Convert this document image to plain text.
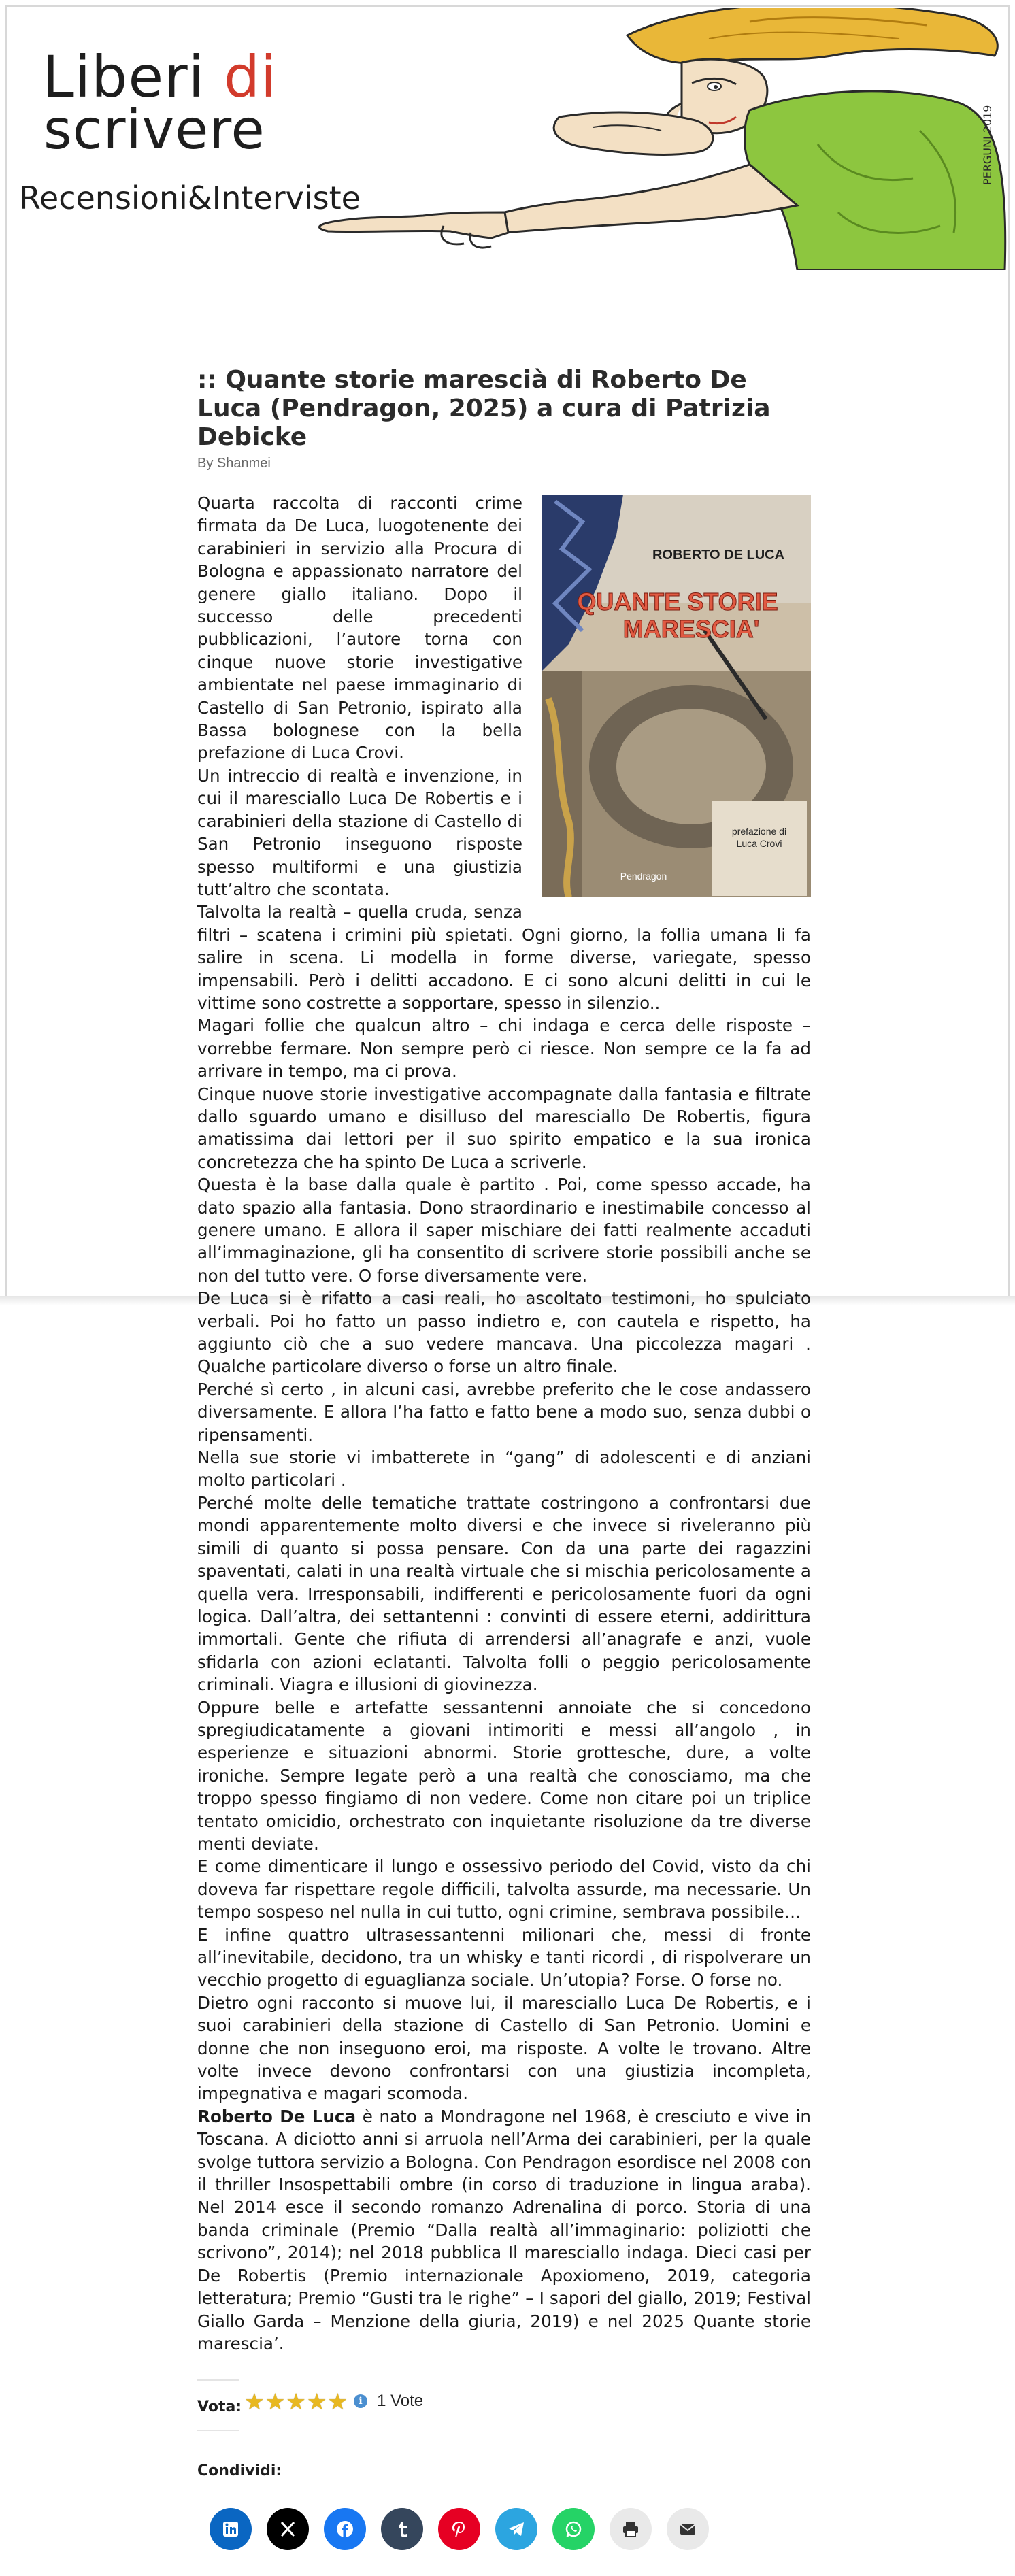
Liberi di
scrivere
Recensioni&Interviste
PERGUNI 2019
:: Quante storie marescià di Roberto De Luca (Pendragon, 2025) a cura di Patrizia Debicke
By Shanmei
ROBERTO DE LUCA
QUANTE STORIE
MARESCIA'
prefazione di
Luca Crovi
Pendragon

Quarta raccolta di racconti crime firmata da De Luca, luogotenente dei carabinieri in servizio alla Procura di Bologna e appassionato narratore del genere giallo italiano. Dopo il successo delle precedenti pubblicazioni, l’autore torna con cinque nuove storie investigative ambientate nel paese immaginario di Castello di San Petronio, ispirato alla Bassa bolognese con la bella prefazione di Luca Crovi.

Un intreccio di realtà e invenzione, in cui il maresciallo Luca De Robertis e i carabinieri della stazione di Castello di San Petronio inseguono risposte spesso multiformi e una giustizia tutt’altro che scontata.

Talvolta la realtà – quella cruda, senza filtri – scatena i crimini più spietati. Ogni giorno, la follia umana li fa salire in scena. Li modella in forme diverse, variegate, spesso impensabili. Però i delitti accadono. E ci sono alcuni delitti in cui le vittime sono costrette a sopportare, spesso in silenzio..

Magari follie che qualcun altro – chi indaga e cerca delle risposte – vorrebbe fermare. Non sempre però ci riesce. Non sempre ce la fa ad arrivare in tempo, ma ci prova.

Cinque nuove storie investigative accompagnate dalla fantasia e filtrate dallo sguardo umano e disilluso del maresciallo De Robertis, figura amatissima dai lettori per il suo spirito empatico e la sua ironica concretezza che ha spinto De Luca a scriverle.

Questa è la base dalla quale è partito . Poi, come spesso accade, ha dato spazio alla fantasia. Dono straordinario e inestimabile concesso al genere umano. E allora il saper mischiare dei fatti realmente accaduti all’immaginazione, gli ha consentito di scrivere storie possibili anche se non del tutto vere. O forse diversamente vere.

De Luca si è rifatto a casi reali, ho ascoltato testimoni, ho spulciato verbali. Poi ho fatto un passo indietro e, con cautela e rispetto, ha aggiunto ciò che a suo vedere mancava. Una piccolezza magari . Qualche particolare diverso o forse un altro finale.

Perché sì certo , in alcuni casi, avrebbe preferito che le cose andassero diversamente. E allora l’ha fatto e fatto bene a modo suo, senza dubbi o ripensamenti.

Nella sue storie vi imbatterete in “gang” di adolescenti e di anziani molto particolari .

Perché molte delle tematiche trattate costringono a confrontarsi due mondi apparentemente molto diversi e che invece si riveleranno più simili di quanto si possa pensare. Con da una parte dei ragazzini spaventati, calati in una realtà virtuale che si mischia pericolosamente a quella vera. Irresponsabili, indifferenti e pericolosamente fuori da ogni logica. Dall’altra, dei settantenni : convinti di essere eterni, addirittura immortali. Gente che rifiuta di arrendersi all’anagrafe e anzi, vuole sfidarla con azioni eclatanti. Talvolta folli o peggio pericolosamente criminali. Viagra e illusioni di giovinezza.

Oppure belle e artefatte sessantenni annoiate che si concedono spregiudicatamente a giovani intimoriti e messi all’angolo , in esperienze e situazioni abnormi. Storie grottesche, dure, a volte ironiche. Sempre legate però a una realtà che conosciamo, ma che troppo spesso fingiamo di non vedere. Come non citare poi un triplice tentato omicidio, orchestrato con inquietante risoluzione da tre diverse menti deviate.

E come dimenticare il lungo e ossessivo periodo del Covid, visto da chi doveva far rispettare regole difficili, talvolta assurde, ma necessarie. Un tempo sospeso nel nulla in cui tutto, ogni crimine, sembrava possibile…

E infine quattro ultrasessantenni milionari che, messi di fronte all’inevitabile, decidono, tra un whisky e tanti ricordi , di rispolverare un vecchio progetto di eguaglianza sociale. Un’utopia? Forse. O forse no.

Dietro ogni racconto si muove lui, il maresciallo Luca De Robertis, e i suoi carabinieri della stazione di Castello di San Petronio. Uomini e donne che non inseguono eroi, ma risposte. A volte le trovano. Altre volte invece devono confrontarsi con una giustizia incompleta, impegnativa e magari scomoda.

Roberto De Luca è nato a Mondragone nel 1968, è cresciuto e vive in Toscana. A diciotto anni si arruola nell’Arma dei carabinieri, per la quale svolge tuttora servizio a Bologna. Con Pendragon esordisce nel 2008 con il thriller Insospettabili ombre (in corso di traduzione in lingua araba). Nel 2014 esce il secondo romanzo Adrenalina di porco. Storia di una banda criminale (Premio “Dalla realtà all’immaginario: poliziotti che scrivono”, 2014); nel 2018 pubblica Il maresciallo indaga. Dieci casi per De Robertis (Premio internazionale Apoxiomeno, 2019, categoria letteratura; Premio “Gusti tra le righe” – I sapori del giallo, 2019; Festival Giallo Garda – Menzione della giuria, 2019) e nel 2025 Quante storie marescia’.

Vota: ★ ★ ★ ★ ★	i 1 Vote
Condividi:
